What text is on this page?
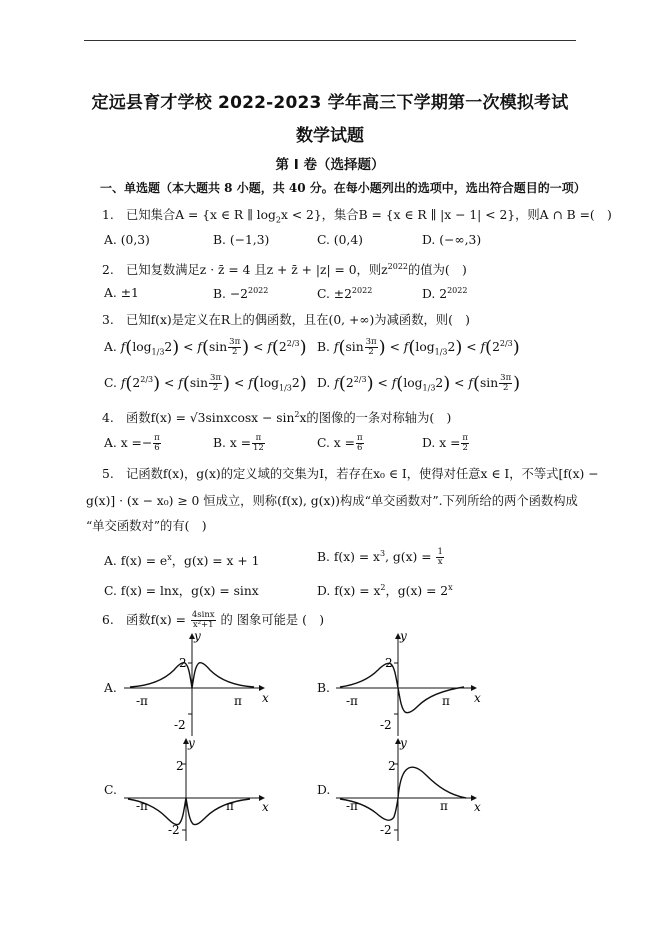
定远县育才学校 2022-2023 学年高三下学期第一次模拟考试
数学试题
第 I 卷（选择题）
一、单选题（本大题共 8 小题，共 40 分。在每小题列出的选项中，选出符合题目的一项）
1.　已知集合A = {x ∈ R ∥ $\log_2x < 2$}，集合B = {x ∈ R ∥ |x − 1| < 2}，则A ∩ B =(　)
A. (0,3)	B. (−1,3)	C. (0,4)	D. (−∞,3)
2.　已知复数满足z · z̄ = 4 且z + z̄ + |z| = 0，则$z^{2022}$的值为(　)
A. ±1	B. $-2^{2022}$	C. $\pm 2^{2022}$	D. $2^{2022}$
3.　已知f(x)是定义在R上的偶函数，且在(0, +∞)为减函数，则(　)
A. $f(\log_{1/3}2) < f(\sin \frac{3\pi}{2}$ ) < $f(2^{2/3})$ B. $f(\sin \frac{3\pi}{2}$ ) < $f(\log_{1/3}2) < f(2^{2/3})$
C. $f(2^{2/3}) < f(\sin \frac{3\pi}{2}$ ) < $f(\log_{1/3}2)$ D. $f(2^{2/3}) < f(\log_{1/3}2) < f(\sin \frac{3\pi}{2}$ )
4.　函数f(x) = √3sinxcosx − $\sin^2x$的图像的一条对称轴为(　)
A. $x =- \frac{\pi}{6}$	B. $x = \frac{\pi}{12}$	C. $x = \frac{\pi}{6}$	D. $x = \frac{\pi}{2}$
5.　记函数f(x)，g(x)的定义域的交集为I，若存在x₀ ∈ I，使得对任意x ∈ I，不等式[f(x) −
g(x)] · (x − x₀) ≥ 0 恒成立，则称(f(x), g(x))构成“单交函数对”.下列所给的两个函数构成
“单交函数对”的有(　)
A. $f(x) = e^x$，g(x) = x + 1	B. $f(x) = x^3$, $g(x) = \frac{1}{x}$
C. f(x) = lnx，g(x) = sinx	D. $f(x) = x^2$，$g(x) = 2^x$
6.　函数$f(x) = \frac{4\sin x}{\text{x²+1}}$ 的 图象可能是 (　)
A.	B.
C.	D.
y
x
2
-2
-π	π
y
x
2
-2
-π	π
y
x
2
-2
-π	π
y
x
2
-2
-π	π
